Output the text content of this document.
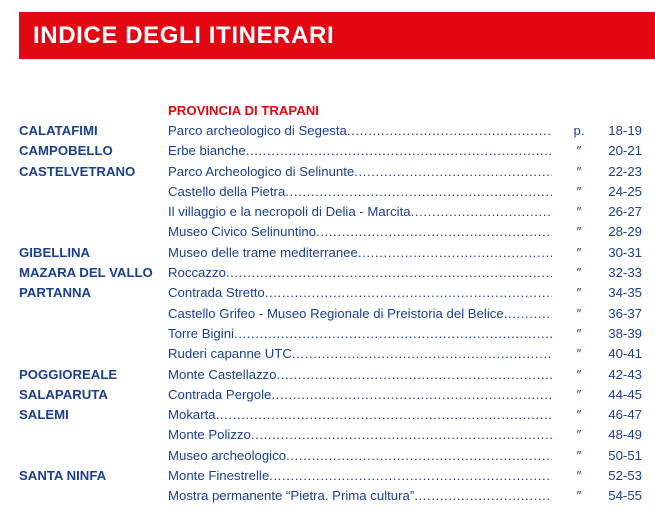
INDICE DEGLI ITINERARI
PROVINCIA DI TRAPANI
CALATAFIMI	Parco archeologico di Segesta .....	p.	18-19
CAMPOBELLO	Erbe bianche .....	″	20-21
CASTELVETRANO Parco Archeologico di Selinunte .....	″	22-23
Castello della Pietra .....	″	24-25
Il villaggio e la necropoli di Delia - Marcita .....	″	26-27
Museo Civico Selinuntino .....	″	28-29
GIBELLINA	Museo delle trame mediterranee .....	″	30-31
MAZARA DEL VALLO Roccazzo .....	″	32-33
PARTANNA	Contrada Stretto .....	″	34-35
Castello Grifeo - Museo Regionale di Preistoria del Belice .....	″	36-37
Torre Bigini .....	″	38-39
Ruderi capanne UTC .....	″	40-41
POGGIOREALE	Monte Castellazzo .....	″	42-43
SALAPARUTA	Contrada Pergole .....	″	44-45
SALEMI	Mokarta .....	″	46-47
Monte Polizzo .....	″	48-49
Museo archeologico .....	″	50-51
SANTA NINFA	Monte Finestrelle .....	″	52-53
Mostra permanente “Pietra. Prima cultura” .....	″	54-55
